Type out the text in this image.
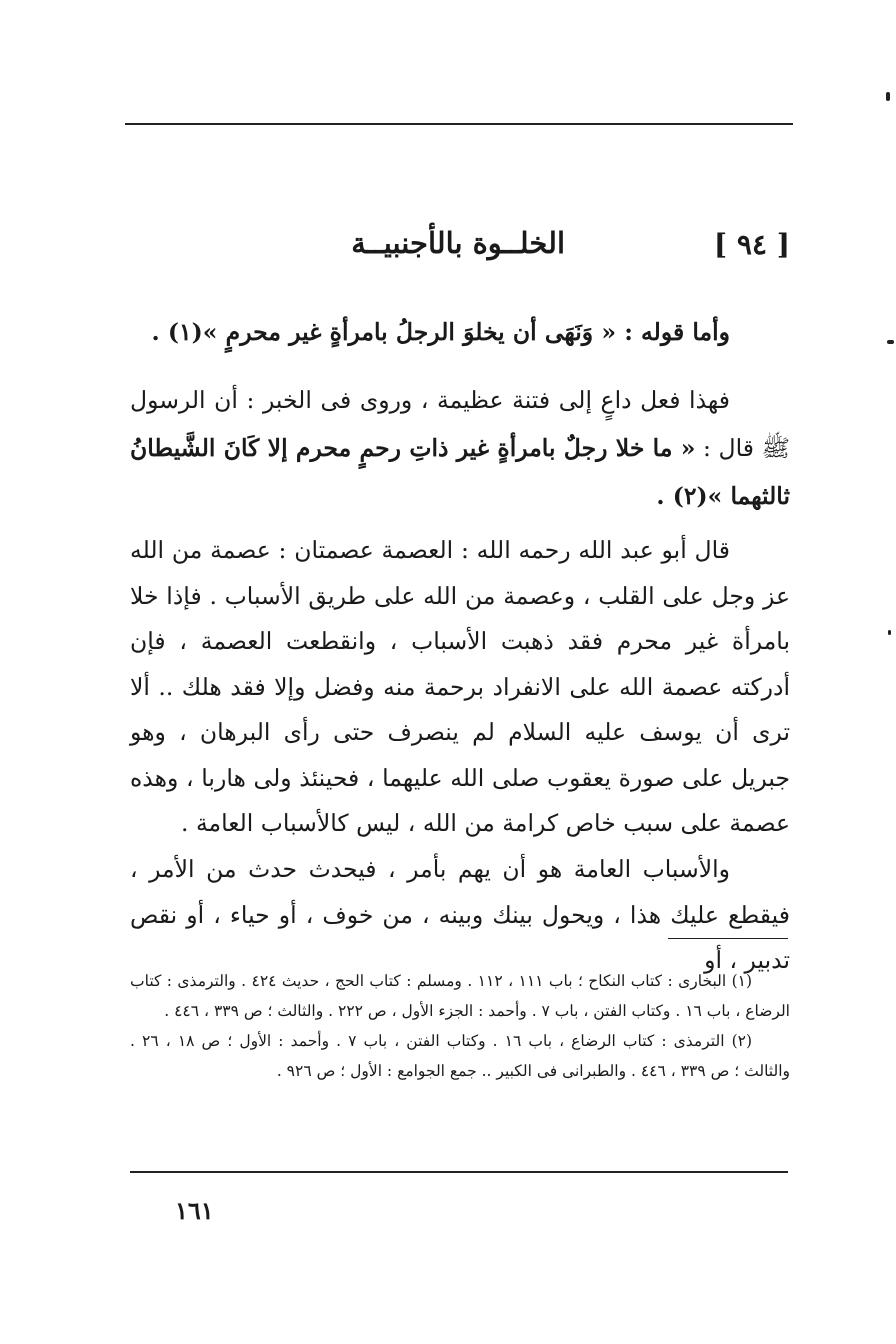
[ ٩٤ ]
الخلــوة بالأجنبيــة

وأما قوله : « وَنَهَى أن يخلوَ الرجلُ بامرأةٍ غير محرمٍ »(١) .

فهذا فعل داعٍ إلى فتنة عظيمة ، وروى فى الخبر : أن الرسول ﷺ قال : « ما خلا رجلٌ بامرأةٍ غير ذاتِ رحمٍ محرم إلا كَانَ الشَّيطانُ ثالثهما »(٢) .

قال أبو عبد الله رحمه الله : العصمة عصمتان : عصمة من الله عز وجل على القلب ، وعصمة من الله على طريق الأسباب . فإذا خلا بامرأة غير محرم فقد ذهبت الأسباب ، وانقطعت العصمة ، فإن أدركته عصمة الله على الانفراد برحمة منه وفضل وإلا فقد هلك .. ألا ترى أن يوسف عليه السلام لم ينصرف حتى رأى البرهان ، وهو جبريل على صورة يعقوب صلى الله عليهما ، فحينئذ ولى هاربا ، وهذه عصمة على سبب خاص كرامة من الله ، ليس كالأسباب العامة .

والأسباب العامة هو أن يهم بأمر ، فيحدث حدث من الأمر ، فيقطع عليك هذا ، ويحول بينك وبينه ، من خوف ، أو حياء ، أو نقص تدبير ، أو

(١) البخارى : كتاب النكاح ؛ باب ١١١ ، ١١٢ . ومسلم : كتاب الحج ، حديث ٤٢٤ . والترمذى : كتاب الرضاع ، باب ١٦ . وكتاب الفتن ، باب ٧ . وأحمد : الجزء الأول ، ص ٢٢٢ . والثالث ؛ ص ٣٣٩ ، ٤٤٦ .

(٢) الترمذى : كتاب الرضاع ، باب ١٦ . وكتاب الفتن ، باب ٧ . وأحمد : الأول ؛ ص ١٨ ، ٢٦ . والثالث ؛ ص ٣٣٩ ، ٤٤٦ . والطبرانى فى الكبير .. جمع الجوامع : الأول ؛ ص ٩٢٦ .

١٦١
